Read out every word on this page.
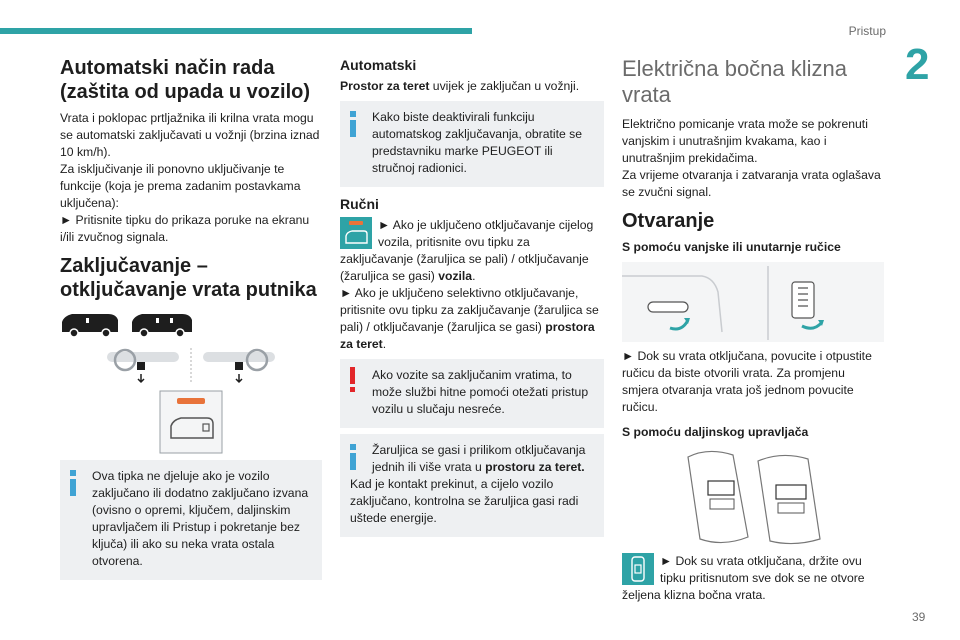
Pristup
2
39
Automatski način rada
(zaštita od upada u vozilo)

Vrata i poklopac prtljažnika ili krilna vrata mogu se automatski zaključavati u vožnji (brzina iznad 10 km/h).

Za isključivanje ili ponovno uključivanje te funkcije (koja je prema zadanim postavkama uključena):

► Pritisnite tipku do prikaza poruke na ekranu i/ili zvučnog signala.

Zaključavanje – otključavanje vrata putnika

Ova tipka ne djeluje ako je vozilo zaključano ili dodatno zaključano izvana (ovisno o opremi, ključem, daljinskim upravljačem ili Pristup i pokretanje bez ključa) ili ako su neka vrata ostala otvorena.

Automatski

Prostor za teret uvijek je zaključan u vožnji.

Kako biste deaktivirali funkciju automatskog zaključavanja, obratite se predstavniku marke PEUGEOT ili stručnoj radionici.

Ručni

► Ako je uključeno otključavanje cijelog vozila, pritisnite ovu tipku za zaključavanje (žaruljica se pali) / otključavanje (žaruljica se gasi) vozila.

► Ako je uključeno selektivno otključavanje, pritisnite ovu tipku za zaključavanje (žaruljica se pali) / otključavanje (žaruljica se gasi) prostora za teret.

Ako vozite sa zaključanim vratima, to može službi hitne pomoći otežati pristup vozilu u slučaju nesreće.

Žaruljica se gasi i prilikom otključavanja jednih ili više vrata u prostoru za teret.

Kad je kontakt prekinut, a cijelo vozilo zaključano, kontrolna se žaruljica gasi radi uštede energije.

Električna bočna klizna vrata

Električno pomicanje vrata može se pokrenuti vanjskim i unutrašnjim kvakama, kao i unutrašnjim prekidačima.

Za vrijeme otvaranja i zatvaranja vrata oglašava se zvučni signal.

Otvaranje
S pomoću vanjske ili unutarnje ručice

► Dok su vrata otključana, povucite i otpustite ručicu da biste otvorili vrata. Za promjenu smjera otvaranja vrata još jednom povucite ručicu.

S pomoću daljinskog upravljača

► Dok su vrata otključana, držite ovu tipku pritisnutom sve dok se ne otvore željena klizna bočna vrata.
